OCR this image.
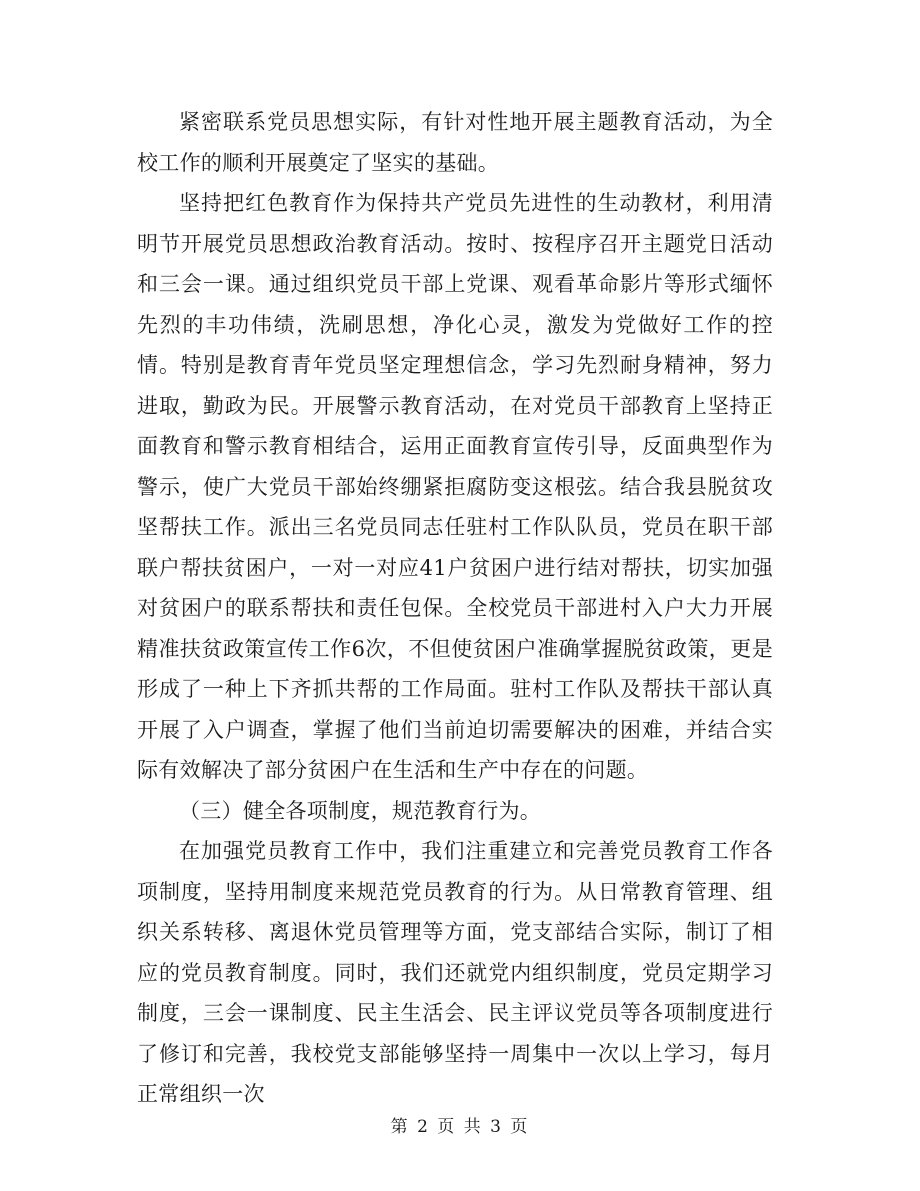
紧密联系党员思想实际，有针对性地开展主题教育活动，为全校工作的顺利开展奠定了坚实的基础。

坚持把红色教育作为保持共产党员先进性的生动教材，利用清明节开展党员思想政治教育活动。按时、按程序召开主题党日活动和三会一课。通过组织党员干部上党课、观看革命影片等形式缅怀先烈的丰功伟绩，洗刷思想，净化心灵，激发为党做好工作的控情。特别是教育青年党员坚定理想信念，学习先烈耐身精神，努力进取，勤政为民。开展警示教育活动，在对党员干部教育上坚持正面教育和警示教育相结合，运用正面教育宣传引导，反面典型作为警示，使广大党员干部始终绷紧拒腐防变这根弦。结合我县脱贫攻坚帮扶工作。派出三名党员同志任驻村工作队队员，党员在职干部联户帮扶贫困户，一对一对应41户贫困户进行结对帮扶，切实加强对贫困户的联系帮扶和责任包保。全校党员干部进村入户大力开展精准扶贫政策宣传工作6次，不但使贫困户准确掌握脱贫政策，更是形成了一种上下齐抓共帮的工作局面。驻村工作队及帮扶干部认真开展了入户调查，掌握了他们当前迫切需要解决的困难，并结合实际有效解决了部分贫困户在生活和生产中存在的问题。

（三）健全各项制度，规范教育行为。

在加强党员教育工作中，我们注重建立和完善党员教育工作各项制度，坚持用制度来规范党员教育的行为。从日常教育管理、组织关系转移、离退休党员管理等方面，党支部结合实际，制订了相应的党员教育制度。同时，我们还就党内组织制度，党员定期学习制度，三会一课制度、民主生活会、民主评议党员等各项制度进行了修订和完善，我校党支部能够坚持一周集中一次以上学习，每月正常组织一次

第 2 页 共 3 页
